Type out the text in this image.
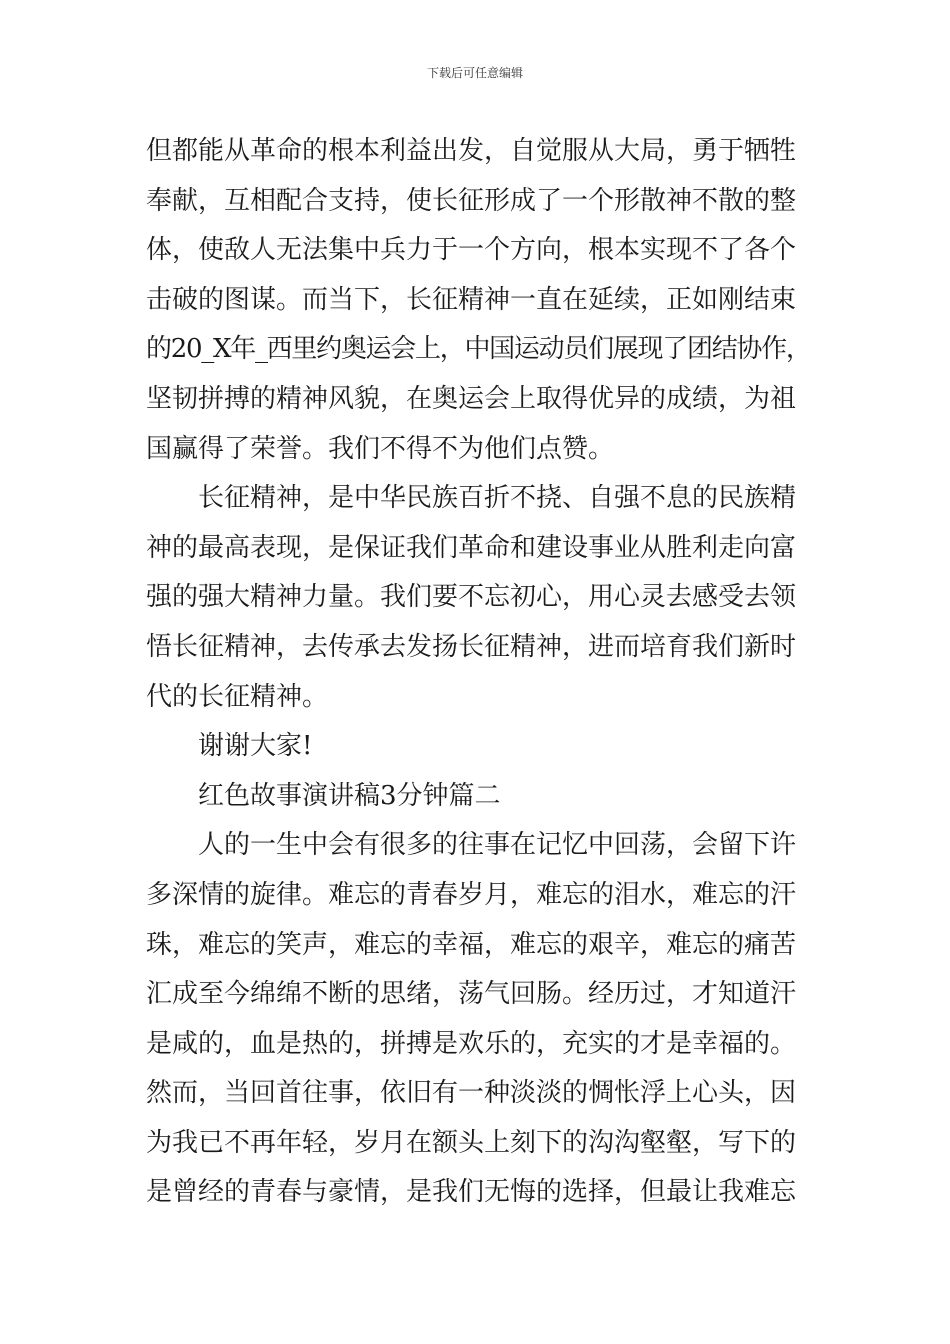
下载后可任意编辑
但都能从革命的根本利益出发，自觉服从大局，勇于牺牲
奉献，互相配合支持，使长征形成了一个形散神不散的整
体，使敌人无法集中兵力于一个方向，根本实现不了各个
击破的图谋。而当下，长征精神一直在延续，正如刚结束
的20_X年_西里约奥运会上，中国运动员们展现了团结协作，
坚韧拼搏的精神风貌，在奥运会上取得优异的成绩，为祖
国赢得了荣誉。我们不得不为他们点赞。
长征精神，是中华民族百折不挠、自强不息的民族精
神的最高表现，是保证我们革命和建设事业从胜利走向富
强的强大精神力量。我们要不忘初心，用心灵去感受去领
悟长征精神，去传承去发扬长征精神，进而培育我们新时
代的长征精神。
谢谢大家!
红色故事演讲稿3分钟篇二
人的一生中会有很多的往事在记忆中回荡，会留下许
多深情的旋律。难忘的青春岁月，难忘的泪水，难忘的汗
珠，难忘的笑声，难忘的幸福，难忘的艰辛，难忘的痛苦
汇成至今绵绵不断的思绪，荡气回肠。经历过，才知道汗
是咸的，血是热的，拼搏是欢乐的，充实的才是幸福的。
然而，当回首往事，依旧有一种淡淡的惆怅浮上心头，因
为我已不再年轻，岁月在额头上刻下的沟沟壑壑，写下的
是曾经的青春与豪情，是我们无悔的选择，但最让我难忘
